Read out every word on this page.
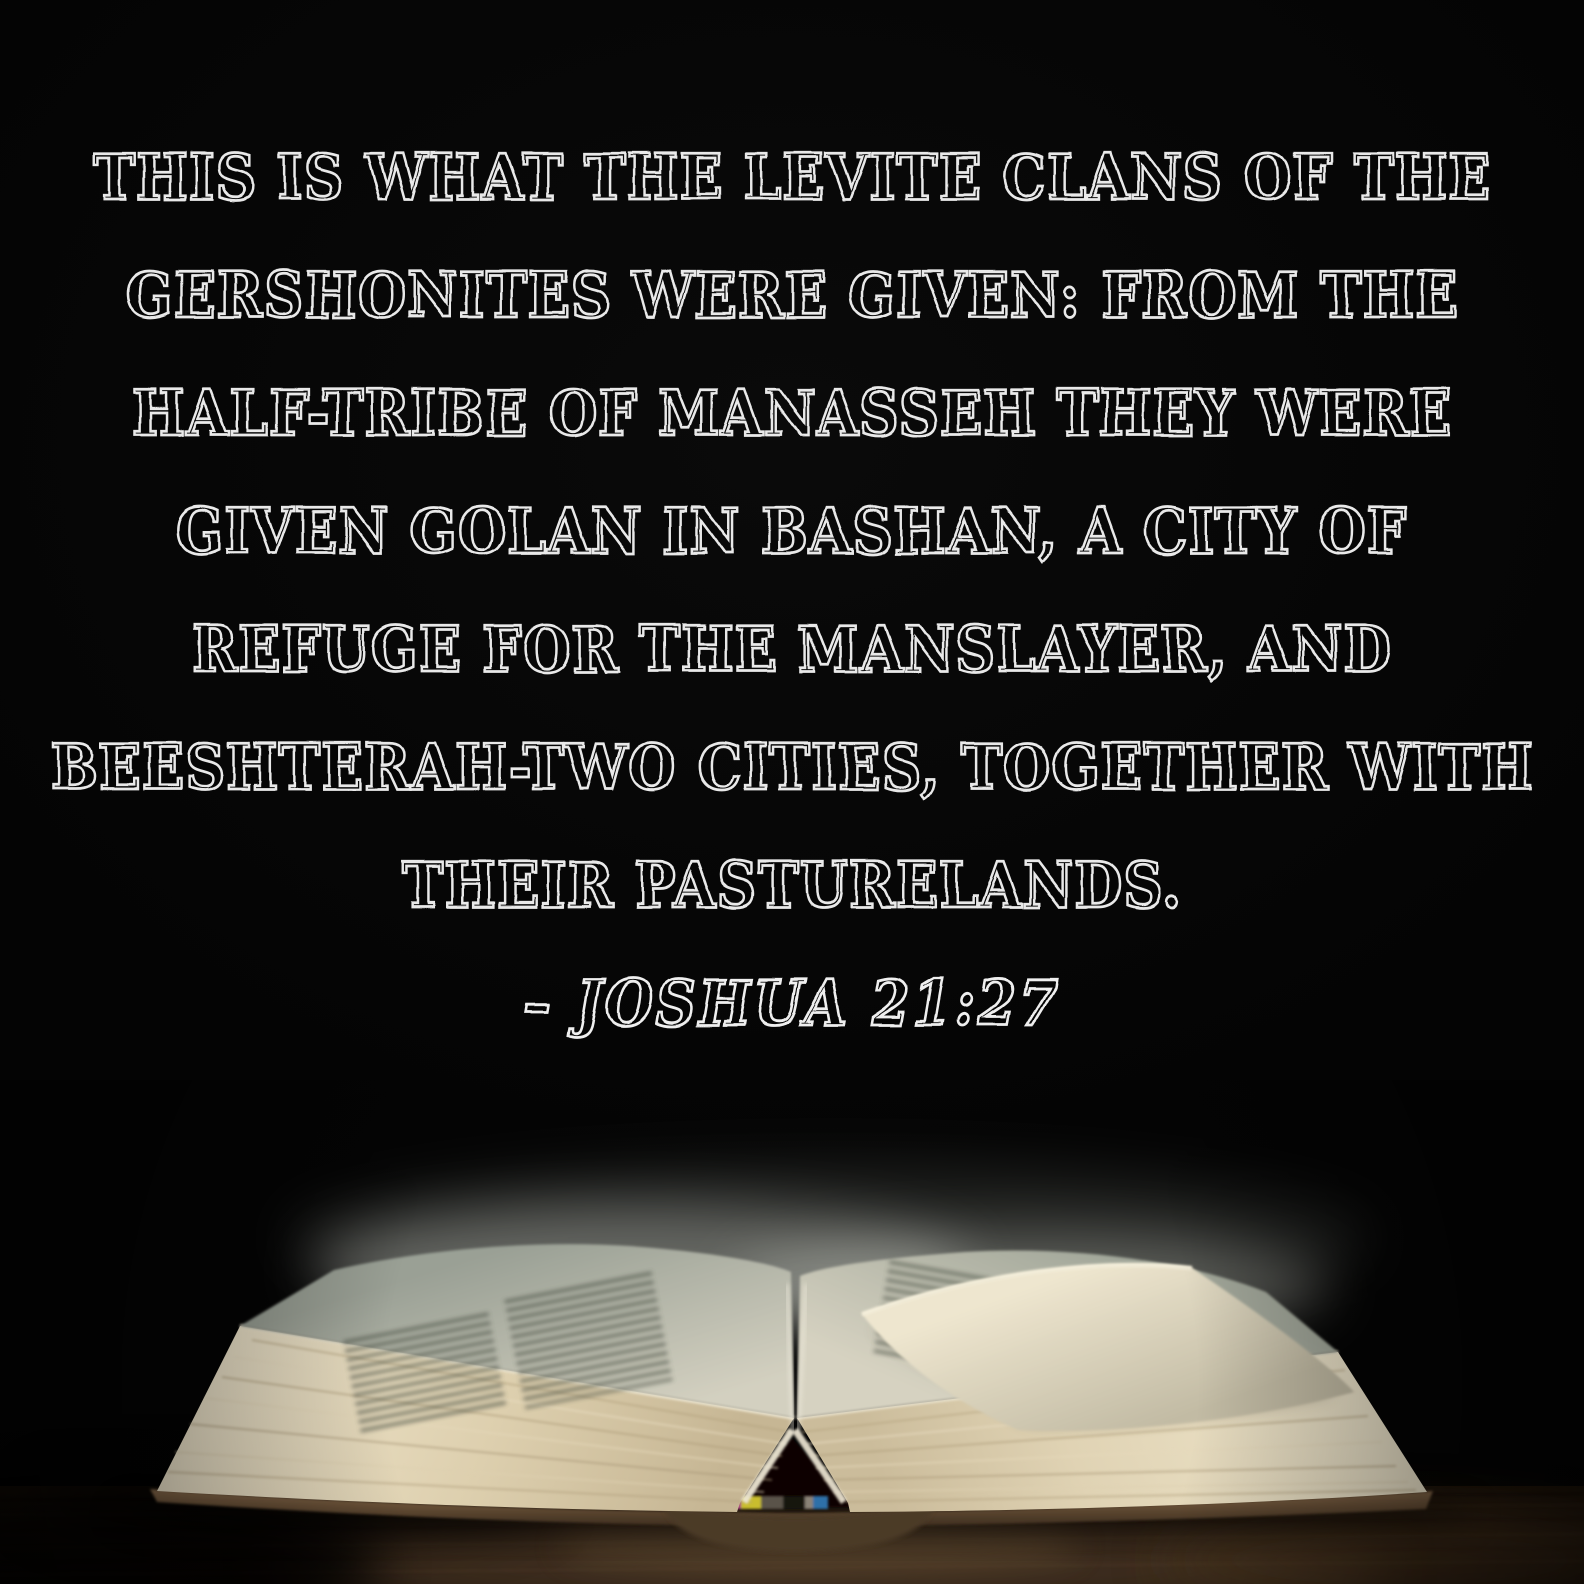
THIS IS WHAT THE LEVITE CLANS OF THE
GERSHONITES WERE GIVEN: FROM THE
HALF-TRIBE OF MANASSEH THEY WERE
GIVEN GOLAN IN BASHAN, A CITY OF
REFUGE FOR THE MANSLAYER, AND
BEESHTERAH-TWO CITIES, TOGETHER WITH
THEIR PASTURELANDS.
– JOSHUA 21:27
